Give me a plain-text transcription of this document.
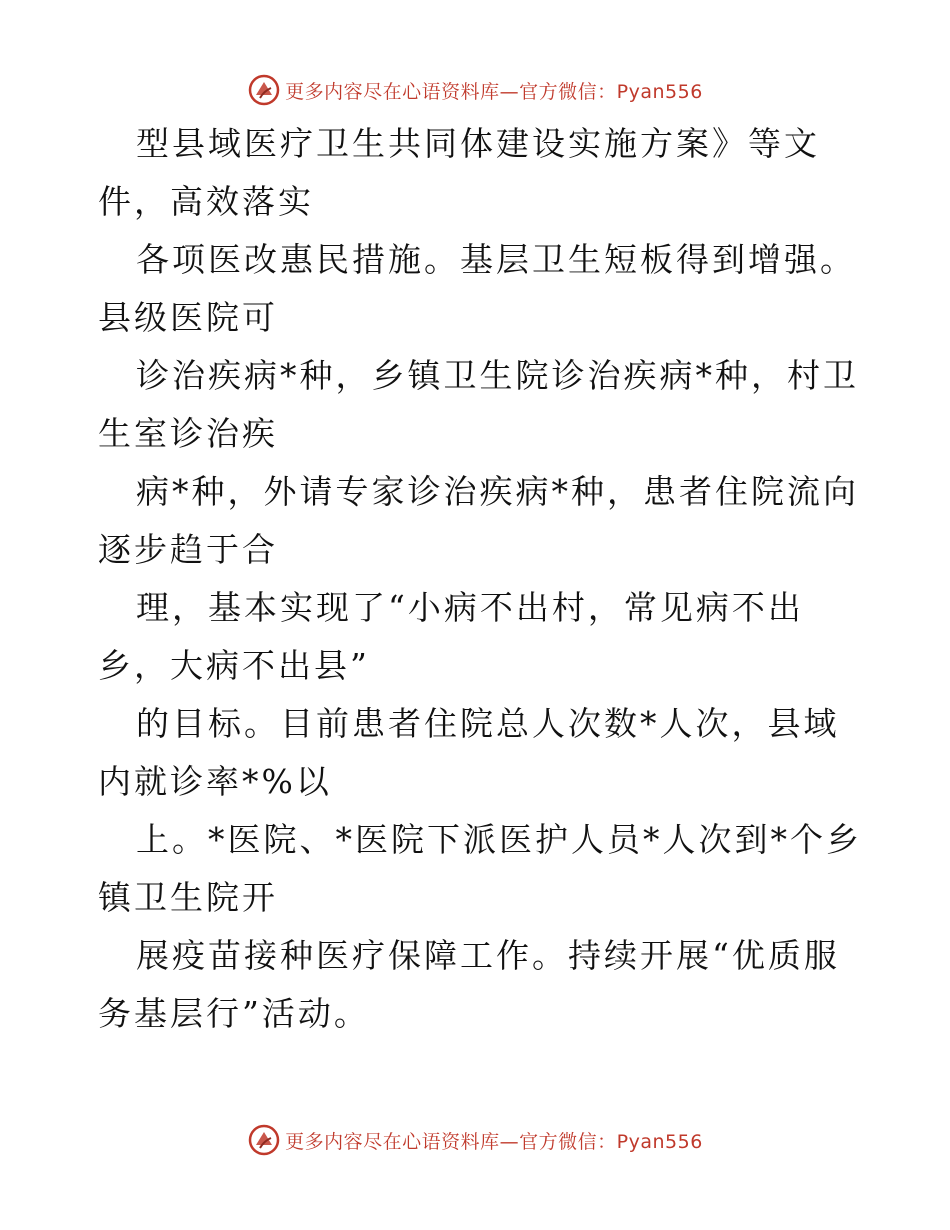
更多内容尽在心语资料库—官方微信：Pyan556

型县域医疗卫生共同体建设实施方案》等文件，高效落实

各项医改惠民措施。基层卫生短板得到增强。县级医院可

诊治疾病*种，乡镇卫生院诊治疾病*种，村卫生室诊治疾

病*种，外请专家诊治疾病*种，患者住院流向逐步趋于合

理，基本实现了“小病不出村，常见病不出乡，大病不出县”

的目标。目前患者住院总人次数*人次，县域内就诊率*%以

上。*医院、*医院下派医护人员*人次到*个乡镇卫生院开

展疫苗接种医疗保障工作。持续开展“优质服务基层行”活动。

更多内容尽在心语资料库—官方微信：Pyan556
